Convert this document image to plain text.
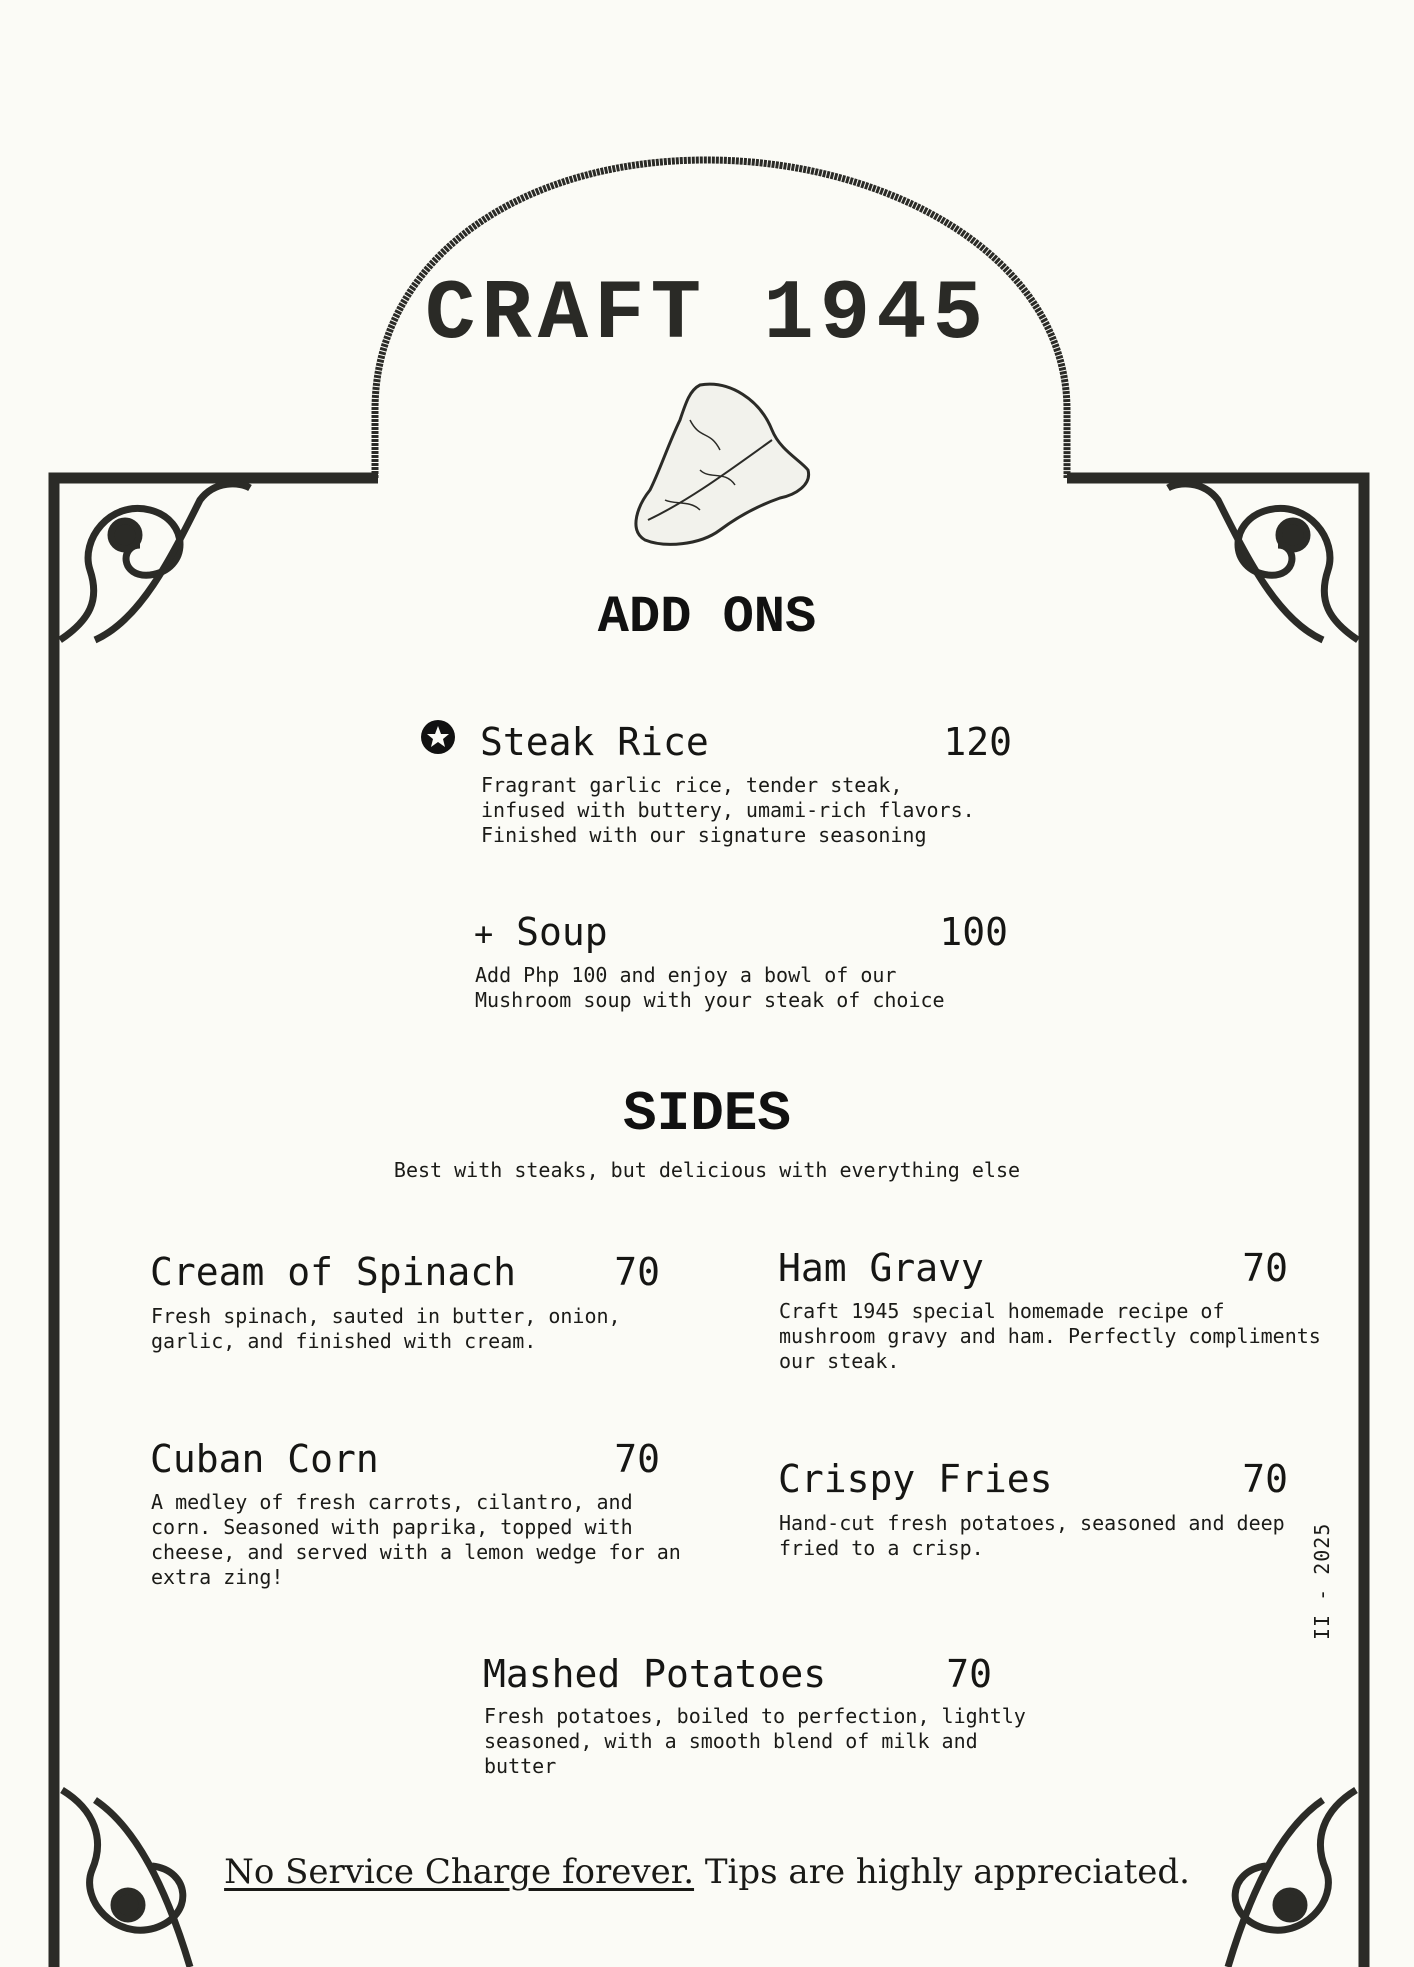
CRAFT 1945
ADD ONS
Steak Rice	120
Fragrant garlic rice, tender steak,
infused with buttery, umami-rich flavors.
Finished with our signature seasoning
+ Soup	100
Add Php 100 and enjoy a bowl of our
Mushroom soup with your steak of choice
SIDES
Best with steaks, but delicious with everything else
Cream of Spinach	70
Fresh spinach, sauted in butter, onion,
garlic, and finished with cream.
Ham Gravy	70
Craft 1945 special homemade recipe of
mushroom gravy and ham. Perfectly compliments
our steak.
Cuban Corn	70
A medley of fresh carrots, cilantro, and
corn. Seasoned with paprika, topped with
cheese, and served with a lemon wedge for an
extra zing!
Crispy Fries	70
Hand-cut fresh potatoes, seasoned and deep
fried to a crisp.
Mashed Potatoes	70
Fresh potatoes, boiled to perfection, lightly
seasoned, with a smooth blend of milk and
butter
II - 2025
No Service Charge forever. Tips are highly appreciated.
